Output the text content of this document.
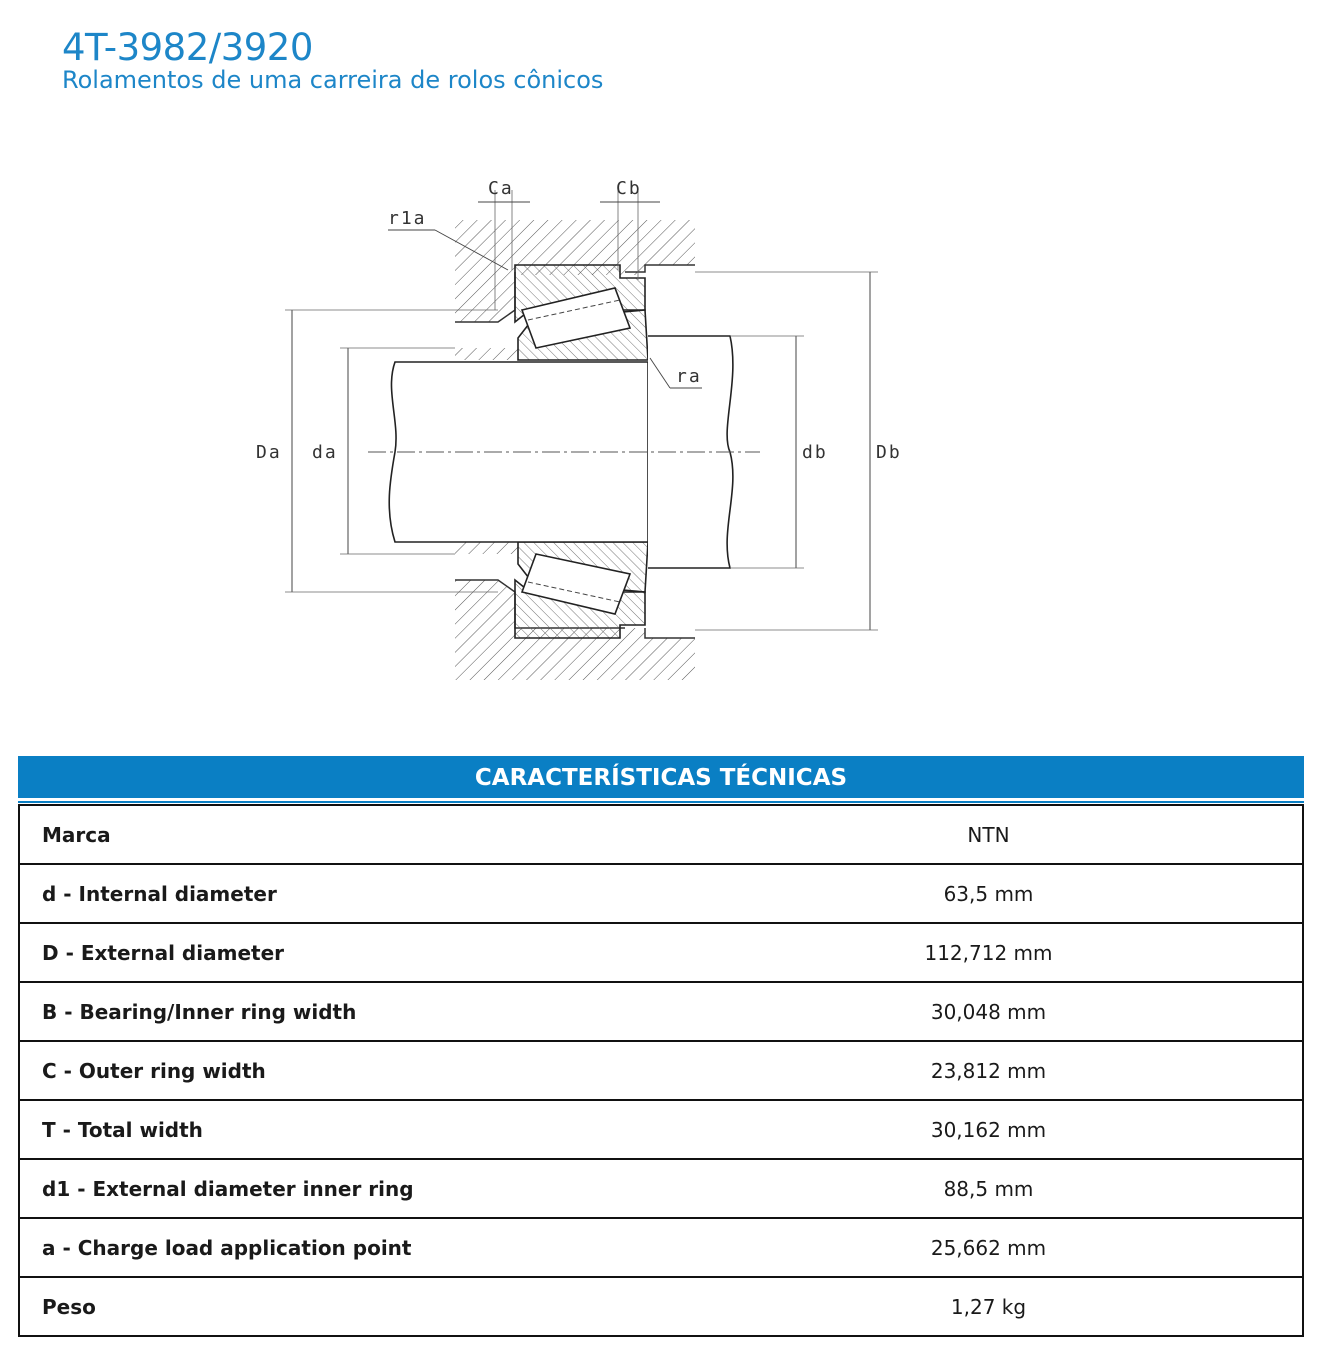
4T-3982/3920
Rolamentos de uma carreira de rolos cônicos
Ca	Cb
r1a
ra
Da da	db	Db
CARACTERÍSTICAS TÉCNICAS
Marca	NTN
d - Internal diameter	63,5 mm
D - External diameter	112,712 mm
B - Bearing/Inner ring width	30,048 mm
C - Outer ring width	23,812 mm
T - Total width	30,162 mm
d1 - External diameter inner ring	88,5 mm
a - Charge load application point	25,662 mm
Peso	1,27 kg
